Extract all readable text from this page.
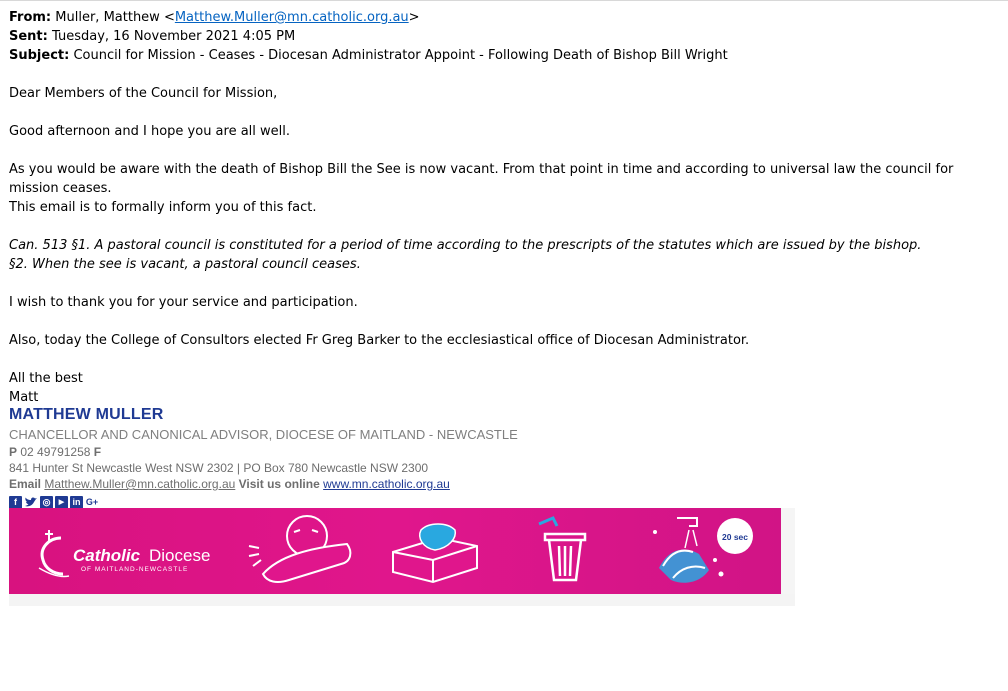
From: Muller, Matthew <Matthew.Muller@mn.catholic.org.au>
Sent: Tuesday, 16 November 2021 4:05 PM
Subject: Council for Mission - Ceases - Diocesan Administrator Appoint - Following Death of Bishop Bill Wright
Dear Members of the Council for Mission,
Good afternoon and I hope you are all well.
As you would be aware with the death of Bishop Bill the See is now vacant. From that point in time and according to universal law the council for mission ceases.
This email is to formally inform you of this fact.
Can. 513 §1. A pastoral council is constituted for a period of time according to the prescripts of the statutes which are issued by the bishop.
§2. When the see is vacant, a pastoral council ceases.
I wish to thank you for your service and participation.
Also, today the College of Consultors elected Fr Greg Barker to the ecclesiastical office of Diocesan Administrator.
All the best
Matt
MATTHEW MULLER
CHANCELLOR AND CANONICAL ADVISOR, DIOCESE OF MAITLAND - NEWCASTLE
P 02 49791258 F
841 Hunter St Newcastle West NSW 2302 | PO Box 780 Newcastle NSW 2300
Email Matthew.Muller@mn.catholic.org.au Visit us online www.mn.catholic.org.au
f	◎	▶ in G+
Catholic Diocese
OF MAITLAND-NEWCASTLE
20 sec
